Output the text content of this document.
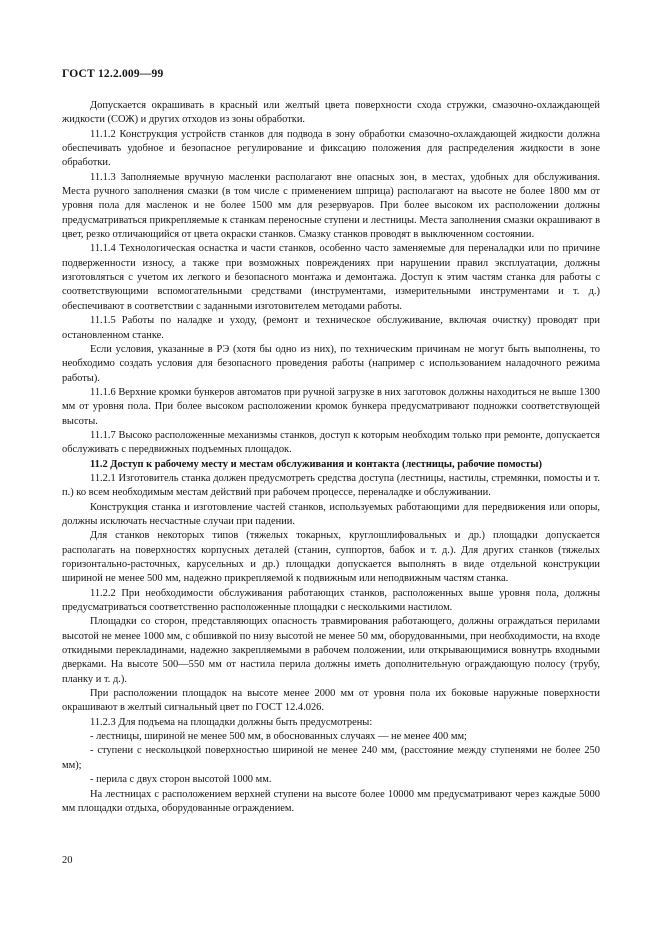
ГОСТ 12.2.009—99

Допускается окрашивать в красный или желтый цвета поверхности схода стружки, смазочно-охлаждающей жидкости (СОЖ) и других отходов из зоны обработки.

11.1.2 Конструкция устройств станков для подвода в зону обработки смазочно-охлаждающей жидкости должна обеспечивать удобное и безопасное регулирование и фиксацию положения для распределения жидкости в зоне обработки.

11.1.3 Заполняемые вручную масленки располагают вне опасных зон, в местах, удобных для обслуживания. Места ручного заполнения смазки (в том числе с применением шприца) располагают на высоте не более 1800 мм от уровня пола для масленок и не более 1500 мм для резервуаров. При более высоком их расположении должны предусматриваться прикрепляемые к станкам переносные ступени и лестницы. Места заполнения смазки окрашивают в цвет, резко отличающийся от цвета окраски станков. Смазку станков проводят в выключенном состоянии.

11.1.4 Технологическая оснастка и части станков, особенно часто заменяемые для переналадки или по причине подверженности износу, а также при возможных повреждениях при нарушении правил эксплуатации, должны изготовляться с учетом их легкого и безопасного монтажа и демонтажа. Доступ к этим частям станка для работы с соответствующими вспомогательными средствами (инструментами, измерительными инструментами и т. д.) обеспечивают в соответствии с заданными изготовителем методами работы.

11.1.5 Работы по наладке и уходу, (ремонт и техническое обслуживание, включая очистку) проводят при остановленном станке.

Если условия, указанные в РЭ (хотя бы одно из них), по техническим причинам не могут быть выполнены, то необходимо создать условия для безопасного проведения работы (например с использованием наладочного режима работы).

11.1.6 Верхние кромки бункеров автоматов при ручной загрузке в них заготовок должны находиться не выше 1300 мм от уровня пола. При более высоком расположении кромок бункера предусматривают подножки соответствующей высоты.

11.1.7 Высоко расположенные механизмы станков, доступ к которым необходим только при ремонте, допускается обслуживать с передвижных подъемных площадок.

11.2 Доступ к рабочему месту и местам обслуживания и контакта (лестницы, рабочие помосты)

11.2.1 Изготовитель станка должен предусмотреть средства доступа (лестницы, настилы, стремянки, помосты и т. п.) ко всем необходимым местам действий при рабочем процессе, переналадке и обслуживании.

Конструкция станка и изготовление частей станков, используемых работающими для передвижения или опоры, должны исключать несчастные случаи при падении.

Для станков некоторых типов (тяжелых токарных, круглошлифовальных и др.) площадки допускается располагать на поверхностях корпусных деталей (станин, суппортов, бабок и т. д.). Для других станков (тяжелых горизонтально-расточных, карусельных и др.) площадки допускается выполнять в виде отдельной конструкции шириной не менее 500 мм, надежно прикрепляемой к подвижным или неподвижным частям станка.

11.2.2 При необходимости обслуживания работающих станков, расположенных выше уровня пола, должны предусматриваться соответственно расположенные площадки с несколькими настилом.

Площадки со сторон, представляющих опасность травмирования работающего, должны ограждаться перилами высотой не менее 1000 мм, с обшивкой по низу высотой не менее 50 мм, оборудованными, при необходимости, на входе откидными перекладинами, надежно закрепляемыми в рабочем положении, или открывающимися вовнутрь входными дверками. На высоте 500—550 мм от настила перила должны иметь дополнительную ограждающую полосу (трубу, планку и т. д.).

При расположении площадок на высоте менее 2000 мм от уровня пола их боковые наружные поверхности окрашивают в желтый сигнальный цвет по ГОСТ 12.4.026.

11.2.3 Для подъема на площадки должны быть предусмотрены:

- лестницы, шириной не менее 500 мм, в обоснованных случаях — не менее 400 мм;

- ступени с нескольцкой поверхностью шириной не менее 240 мм, (расстояние между ступенями не более 250 мм);

- перила с двух сторон высотой 1000 мм.

На лестницах с расположением верхней ступени на высоте более 10000 мм предусматривают через каждые 5000 мм площадки отдыха, оборудованные ограждением.

20
